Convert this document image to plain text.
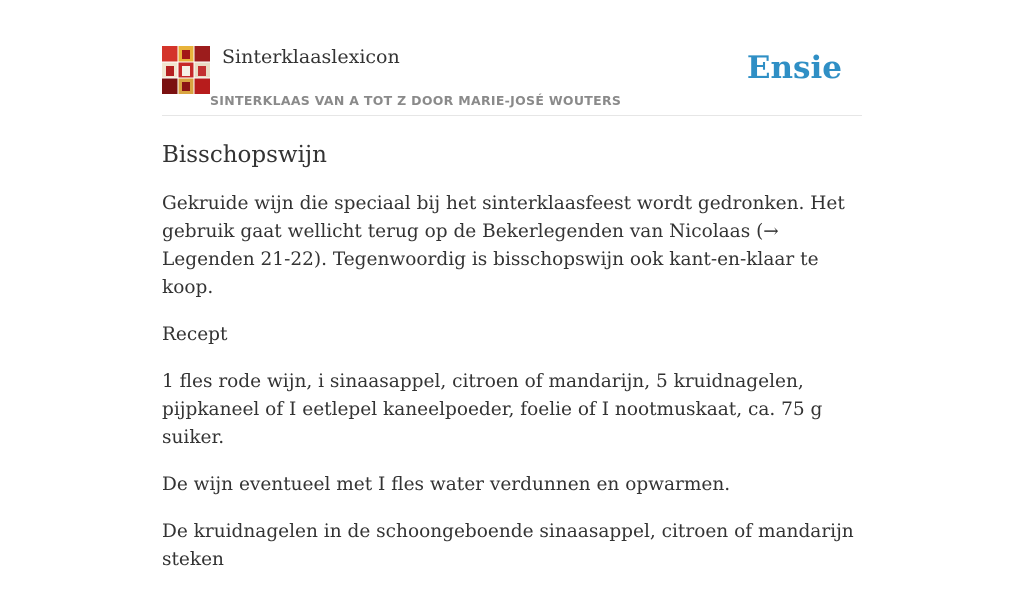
Sinterklaaslexicon
SINTERKLAAS VAN A TOT Z DOOR MARIE-JOSÉ WOUTERS
Ensie
Bisschopswijn

Gekruide wijn die speciaal bij het sinterklaasfeest wordt gedronken. Het gebruik gaat wellicht terug op de Bekerlegenden van Nicolaas (→ Legenden 21-22). Tegenwoordig is bisschopswijn ook kant-en-klaar te koop.

Recept

1 fles rode wijn, i sinaasappel, citroen of mandarijn, 5 kruidnagelen, pijpkaneel of I eetlepel kaneelpoeder, foelie of I nootmuskaat, ca. 75 g suiker.

De wijn eventueel met I fles water verdunnen en opwarmen.

De kruidnagelen in de schoongeboende sinaasappel, citroen of mandarijn steken
